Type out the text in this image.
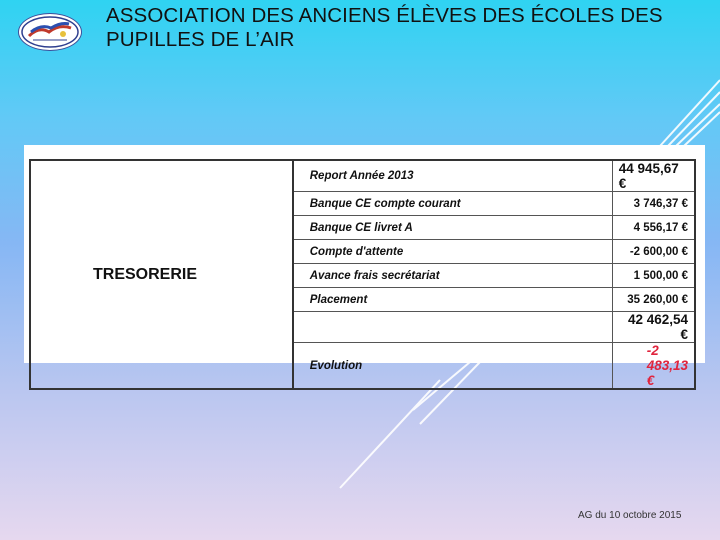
ASSOCIATION DES ANCIENS ÉLÈVES DES ÉCOLES DES
PUPILLES DE L’AIR
TRESORERIE	Report Année 2013	44 945,67 €
	Banque CE compte courant	3 746,37 €
	Banque CE livret A	4 556,17 €
	Compte d'attente	-2 600,00 €
	Avance frais secrétariat	1 500,00 €
	Placement	35 260,00 €
		42 462,54 €
	Evolution	-2 483,13 €
AG du 10 octobre 2015
